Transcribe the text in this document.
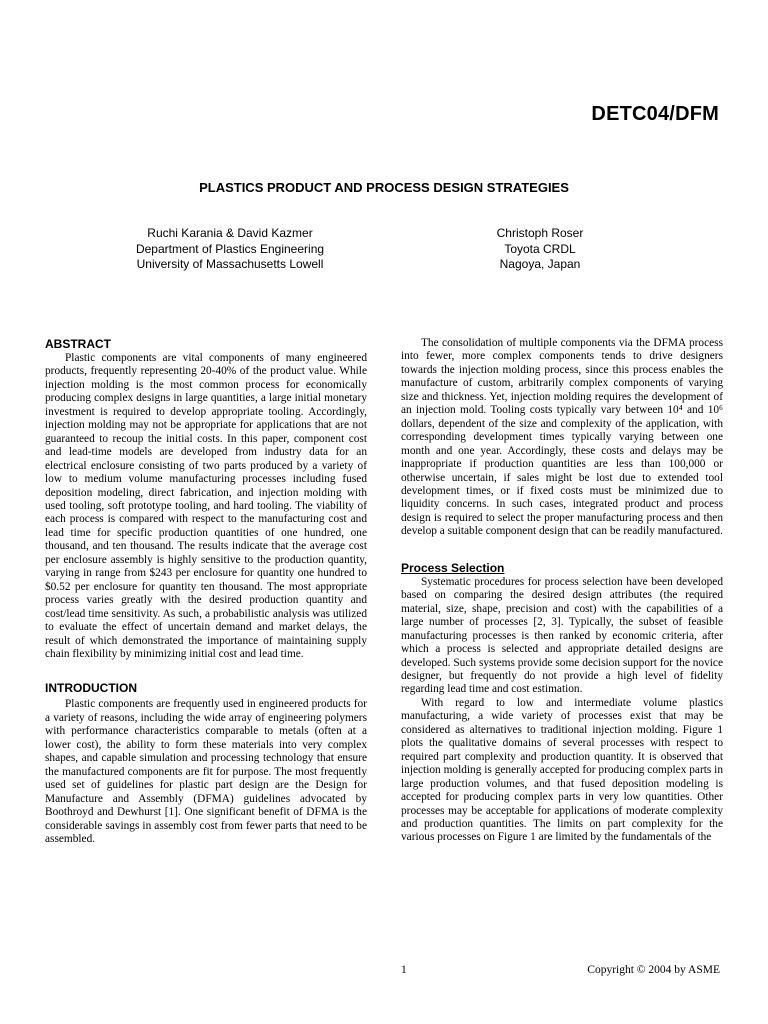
DETC04/DFM
PLASTICS PRODUCT AND PROCESS DESIGN STRATEGIES
Ruchi Karania & David Kazmer
Department of Plastics Engineering
University of Massachusetts Lowell
Christoph Roser
Toyota CRDL
Nagoya, Japan

ABSTRACT

Plastic components are vital components of many engineered products, frequently representing 20-40% of the product value. While injection molding is the most common process for economically producing complex designs in large quantities, a large initial monetary investment is required to develop appropriate tooling. Accordingly, injection molding may not be appropriate for applications that are not guaranteed to recoup the initial costs. In this paper, component cost and lead-time models are developed from industry data for an electrical enclosure consisting of two parts produced by a variety of low to medium volume manufacturing processes including fused deposition modeling, direct fabrication, and injection molding with used tooling, soft prototype tooling, and hard tooling. The viability of each process is compared with respect to the manufacturing cost and lead time for specific production quantities of one hundred, one thousand, and ten thousand. The results indicate that the average cost per enclosure assembly is highly sensitive to the production quantity, varying in range from $243 per enclosure for quantity one hundred to $0.52 per enclosure for quantity ten thousand. The most appropriate process varies greatly with the desired production quantity and cost/lead time sensitivity. As such, a probabilistic analysis was utilized to evaluate the effect of uncertain demand and market delays, the result of which demonstrated the importance of maintaining supply chain flexibility by minimizing initial cost and lead time.

INTRODUCTION

Plastic components are frequently used in engineered products for a variety of reasons, including the wide array of engineering polymers with performance characteristics comparable to metals (often at a lower cost), the ability to form these materials into very complex shapes, and capable simulation and processing technology that ensure the manufactured components are fit for purpose. The most frequently used set of guidelines for plastic part design are the Design for Manufacture and Assembly (DFMA) guidelines advocated by Boothroyd and Dewhurst [1]. One significant benefit of DFMA is the considerable savings in assembly cost from fewer parts that need to be assembled.

The consolidation of multiple components via the DFMA process into fewer, more complex components tends to drive designers towards the injection molding process, since this process enables the manufacture of custom, arbitrarily complex components of varying size and thickness. Yet, injection molding requires the development of an injection mold. Tooling costs typically vary between 10⁴ and 10⁶ dollars, dependent of the size and complexity of the application, with corresponding development times typically varying between one month and one year. Accordingly, these costs and delays may be inappropriate if production quantities are less than 100,000 or otherwise uncertain, if sales might be lost due to extended tool development times, or if fixed costs must be minimized due to liquidity concerns. In such cases, integrated product and process design is required to select the proper manufacturing process and then develop a suitable component design that can be readily manufactured.

Process Selection

Systematic procedures for process selection have been developed based on comparing the desired design attributes (the required material, size, shape, precision and cost) with the capabilities of a large number of processes [2, 3]. Typically, the subset of feasible manufacturing processes is then ranked by economic criteria, after which a process is selected and appropriate detailed designs are developed. Such systems provide some decision support for the novice designer, but frequently do not provide a high level of fidelity regarding lead time and cost estimation.

With regard to low and intermediate volume plastics manufacturing, a wide variety of processes exist that may be considered as alternatives to traditional injection molding. Figure 1 plots the qualitative domains of several processes with respect to required part complexity and production quantity. It is observed that injection molding is generally accepted for producing complex parts in large production volumes, and that fused deposition modeling is accepted for producing complex parts in very low quantities. Other processes may be acceptable for applications of moderate complexity and production quantities. The limits on part complexity for the various processes on Figure 1 are limited by the fundamentals of the

1	Copyright © 2004 by ASME
